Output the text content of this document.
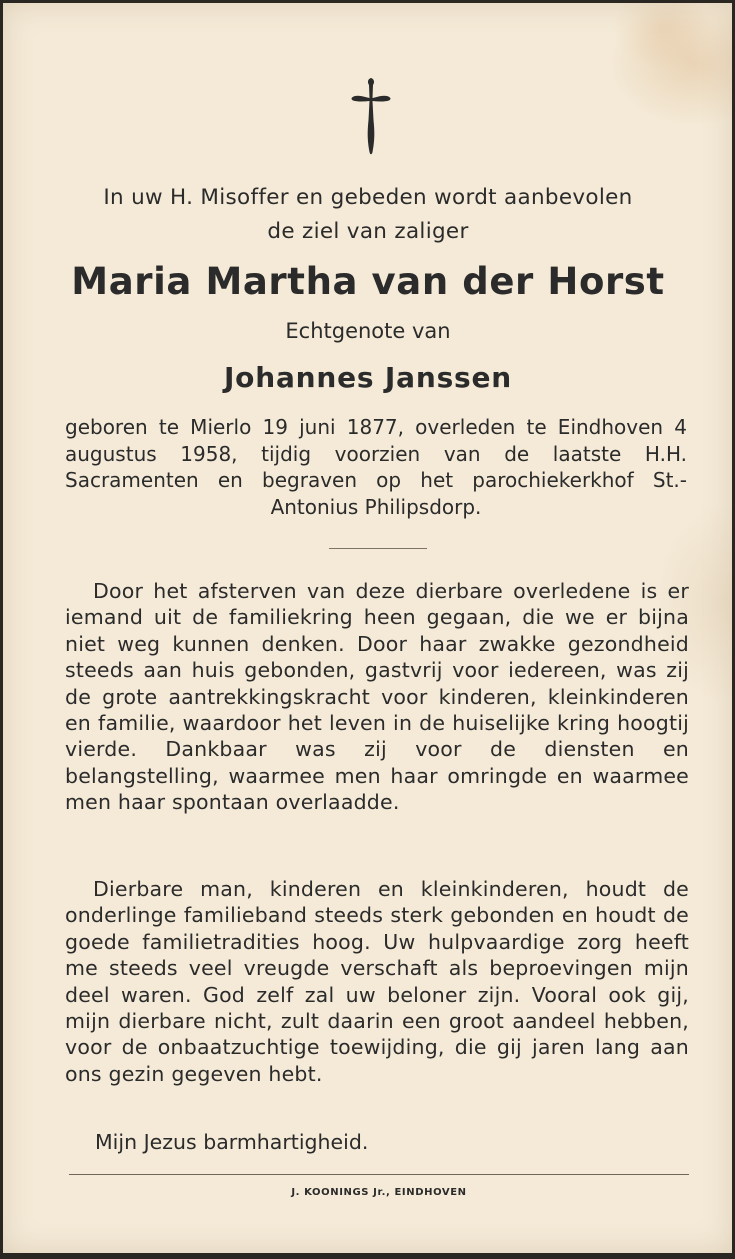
In uw H. Misoffer en gebeden wordt aanbevolen
de ziel van zaliger
Maria Martha van der Horst
Echtgenote van
Johannes Janssen
geboren te Mierlo 19 juni 1877, overleden te Eindhoven 4 augustus 1958, tijdig voorzien van de laatste H.H. Sacramenten en begraven op het parochiekerkhof St.-Antonius Philipsdorp.
Door het afsterven van deze dierbare overledene is er iemand uit de familiekring heen gegaan, die we er bijna niet weg kunnen denken. Door haar zwakke gezondheid steeds aan huis gebonden, gastvrij voor iedereen, was zij de grote aantrekkingskracht voor kinderen, kleinkinderen en familie, waardoor het leven in de huiselijke kring hoogtij vierde. Dankbaar was zij voor de diensten en belangstelling, waarmee men haar omringde en waarmee men haar spontaan overlaadde.
Dierbare man, kinderen en kleinkinderen, houdt de onderlinge familieband steeds sterk gebonden en houdt de goede familietradities hoog. Uw hulpvaardige zorg heeft me steeds veel vreugde verschaft als beproevingen mijn deel waren. God zelf zal uw beloner zijn. Vooral ook gij, mijn dierbare nicht, zult daarin een groot aandeel hebben, voor de onbaatzuchtige toewijding, die gij jaren lang aan ons gezin gegeven hebt.
Mijn Jezus barmhartigheid.
J. KOONINGS Jr., EINDHOVEN
